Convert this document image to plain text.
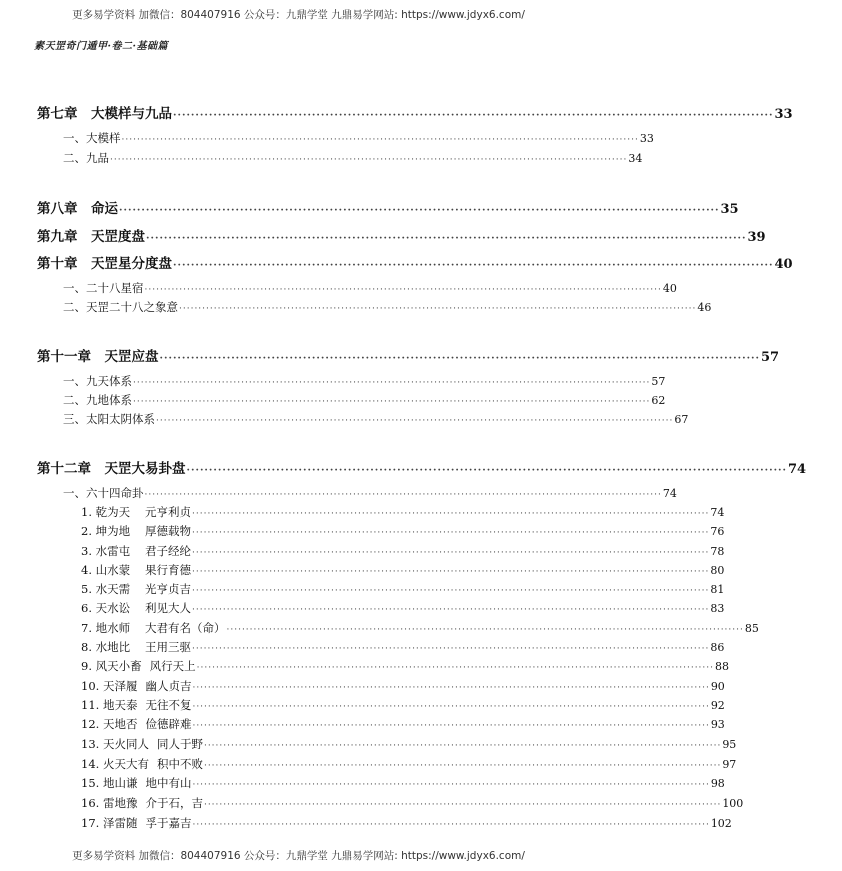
更多易学资料 加微信：804407916 公众号：九鼎学堂 九鼎易学网站: https://www.jdyx6.com/
素天罡奇门遁甲·卷二·基础篇
第七章　大模样与九品 ······································································································································ 33
一、大模样 ······································································································································ 33
二、九品 ······································································································································ 34
第八章　命运 ······································································································································ 35
第九章　天罡度盘 ······································································································································ 39
第十章　天罡星分度盘 ······································································································································ 40
一、二十八星宿 ······································································································································ 40
二、天罡二十八之象意 ······································································································································ 46
第十一章　天罡应盘 ······································································································································ 57
一、九天体系 ······································································································································ 57
二、九地体系 ······································································································································ 62
三、太阳太阴体系 ······································································································································ 67
第十二章　天罡大易卦盘 ······································································································································ 74
一、六十四命卦 ······································································································································ 74
1. 乾为天 元亨利贞 ······································································································································ 74
2. 坤为地 厚德载物 ······································································································································ 76
3. 水雷屯 君子经纶 ······································································································································ 78
4. 山水蒙 果行育德 ······································································································································ 80
5. 水天需 光亨贞吉 ······································································································································ 81
6. 天水讼 利见大人 ······································································································································ 83
7. 地水师 大君有名（命） ······································································································································ 85
8. 水地比 王用三驱 ······································································································································ 86
9. 风天小畜 风行天上 ······································································································································ 88
10. 天泽履 幽人贞吉 ······································································································································ 90
11. 地天泰 无往不复 ······································································································································ 92
12. 天地否 俭德辟难 ······································································································································ 93
13. 天火同人 同人于野 ······································································································································ 95
14. 火天大有 积中不败 ······································································································································ 97
15. 地山谦 地中有山 ······································································································································ 98
16. 雷地豫 介于石，吉 ······································································································································ 100
17. 泽雷随 孚于嘉吉 ······································································································································ 102
更多易学资料 加微信：804407916 公众号：九鼎学堂 九鼎易学网站: https://www.jdyx6.com/
